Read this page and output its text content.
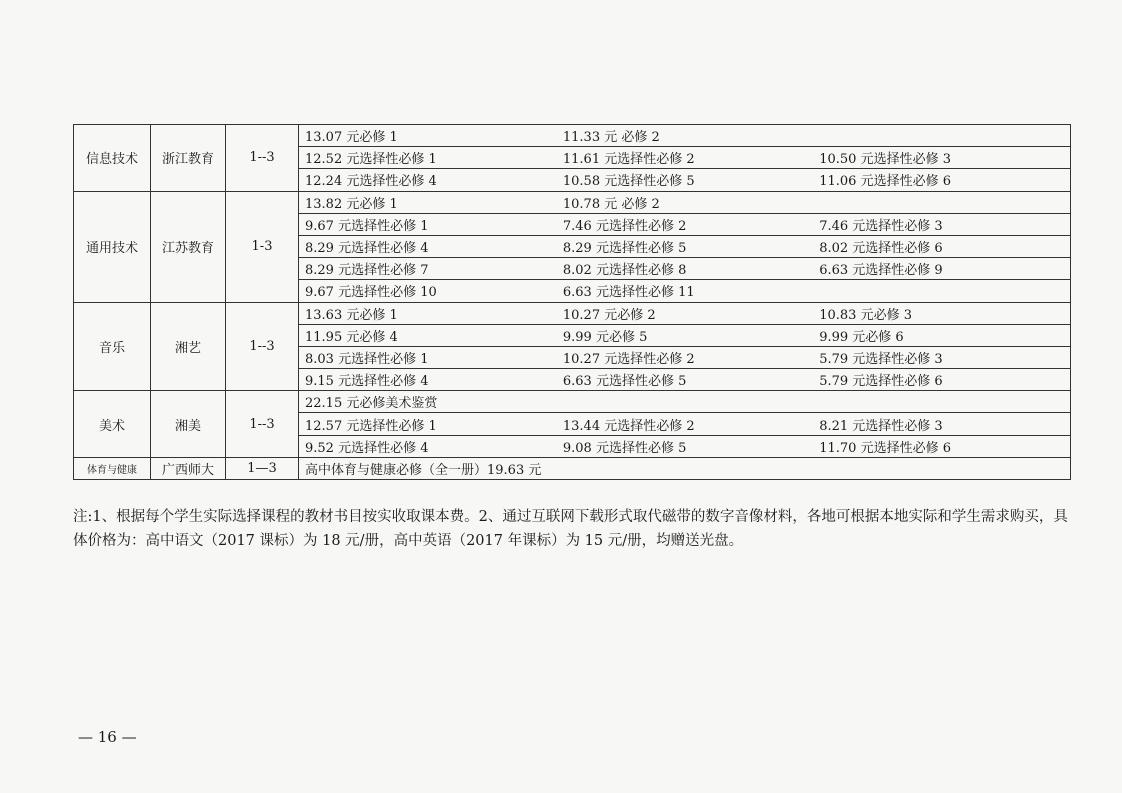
信息技术	浙江教育	1--3	13.07 元必修 1	11.33 元 必修 2	
			12.52 元选择性必修 1	11.61 元选择性必修 2	10.50 元选择性必修 3
			12.24 元选择性必修 4	10.58 元选择性必修 5	11.06 元选择性必修 6
通用技术	江苏教育	1-3	13.82 元必修 1	10.78 元 必修 2	
			9.67 元选择性必修 1	7.46 元选择性必修 2	7.46 元选择性必修 3
			8.29 元选择性必修 4	8.29 元选择性必修 5	8.02 元选择性必修 6
			8.29 元选择性必修 7	8.02 元选择性必修 8	6.63 元选择性必修 9
			9.67 元选择性必修 10	6.63 元选择性必修 11	
音乐	湘艺	1--3	13.63 元必修 1	10.27 元必修 2	10.83 元必修 3
			11.95 元必修 4	9.99 元必修 5	9.99 元必修 6
			8.03 元选择性必修 1	10.27 元选择性必修 2	5.79 元选择性必修 3
			9.15 元选择性必修 4	6.63 元选择性必修 5	5.79 元选择性必修 6
美术	湘美	1--3	22.15 元必修美术鉴赏		
			12.57 元选择性必修 1	13.44 元选择性必修 2	8.21 元选择性必修 3
			9.52 元选择性必修 4	9.08 元选择性必修 5	11.70 元选择性必修 6
体育与健康	广西师大	1—3	高中体育与健康必修（全一册）19.63 元		
注:1、根据每个学生实际选择课程的教材书目按实收取课本费。2、通过互联网下载形式取代磁带的数字音像材料，各地可根据本地实际和学生需求购买，具体价格为：高中语文（2017 课标）为 18 元/册，高中英语（2017 年课标）为 15 元/册，均赠送光盘。
— 16 —
